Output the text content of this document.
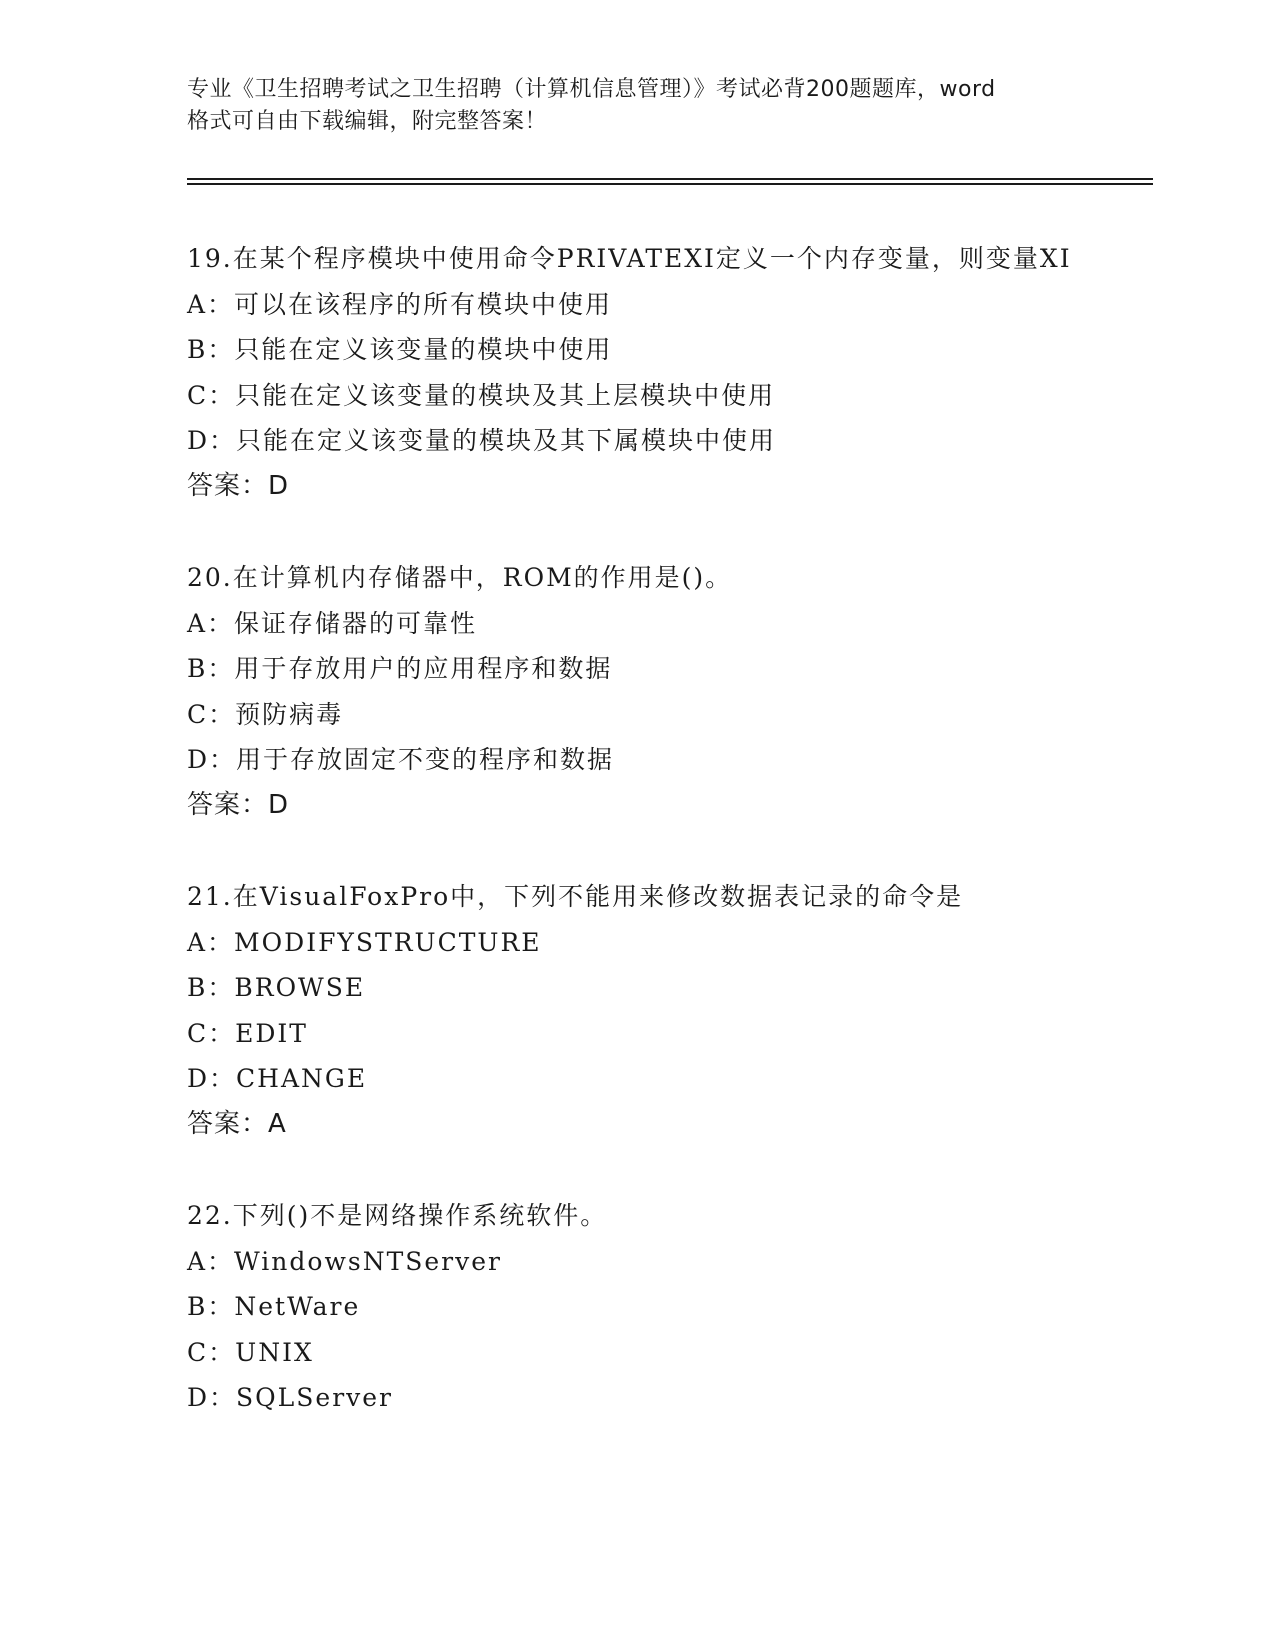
专业《卫生招聘考试之卫生招聘（计算机信息管理）》考试必背200题题库，word
格式可自由下载编辑，附完整答案！
19.在某个程序模块中使用命令PRIVATEXI定义一个内存变量，则变量XI
A：可以在该程序的所有模块中使用
B：只能在定义该变量的模块中使用
C：只能在定义该变量的模块及其上层模块中使用
D：只能在定义该变量的模块及其下属模块中使用
答案：D
20.在计算机内存储器中，ROM的作用是()。
A：保证存储器的可靠性
B：用于存放用户的应用程序和数据
C：预防病毒
D：用于存放固定不变的程序和数据
答案：D
21.在VisualFoxPro中，下列不能用来修改数据表记录的命令是
A：MODIFYSTRUCTURE
B：BROWSE
C：EDIT
D：CHANGE
答案：A
22.下列()不是网络操作系统软件。
A：WindowsNTServer
B：NetWare
C：UNIX
D：SQLServer
